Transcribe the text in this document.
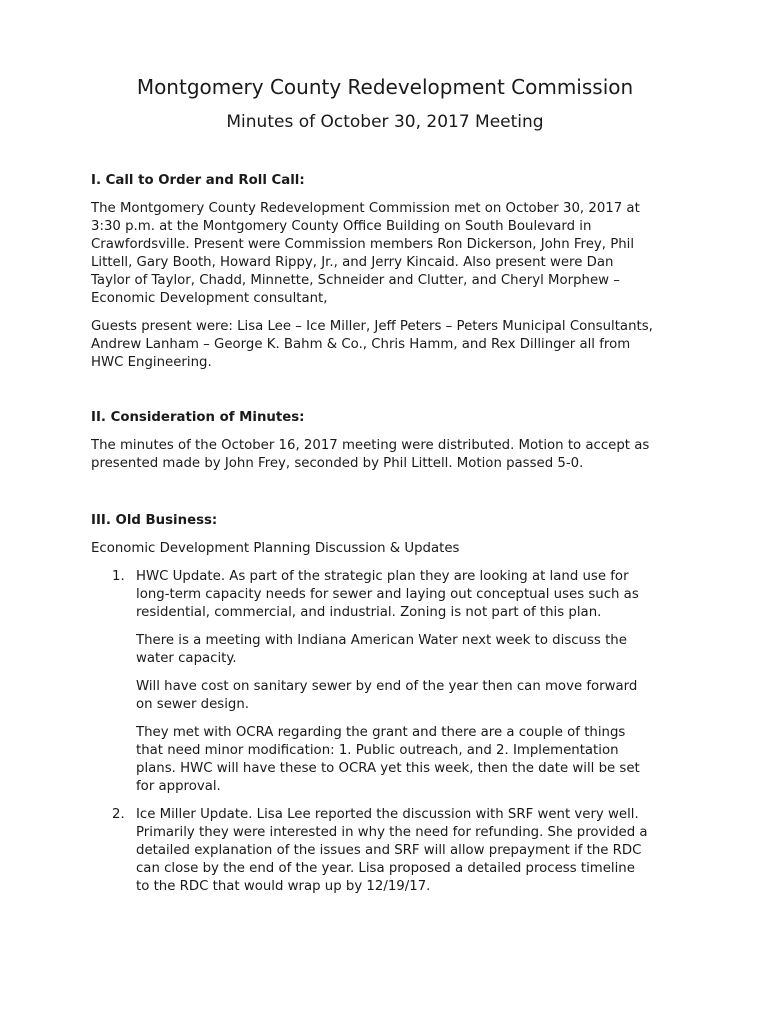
Montgomery County Redevelopment Commission
Minutes of October 30, 2017 Meeting
I. Call to Order and Roll Call:
The Montgomery County Redevelopment Commission met on October 30, 2017 at
3:30 p.m. at the Montgomery County Office Building on South Boulevard in
Crawfordsville. Present were Commission members Ron Dickerson, John Frey, Phil
Littell, Gary Booth, Howard Rippy, Jr., and Jerry Kincaid. Also present were Dan
Taylor of Taylor, Chadd, Minnette, Schneider and Clutter, and Cheryl Morphew –
Economic Development consultant,
Guests present were: Lisa Lee – Ice Miller, Jeff Peters – Peters Municipal Consultants,
Andrew Lanham – George K. Bahm & Co., Chris Hamm, and Rex Dillinger all from
HWC Engineering.
II. Consideration of Minutes:
The minutes of the October 16, 2017 meeting were distributed. Motion to accept as
presented made by John Frey, seconded by Phil Littell. Motion passed 5-0.
III. Old Business:
Economic Development Planning Discussion & Updates
1. HWC Update. As part of the strategic plan they are looking at land use for
long-term capacity needs for sewer and laying out conceptual uses such as
residential, commercial, and industrial. Zoning is not part of this plan.
There is a meeting with Indiana American Water next week to discuss the
water capacity.
Will have cost on sanitary sewer by end of the year then can move forward
on sewer design.
They met with OCRA regarding the grant and there are a couple of things
that need minor modification: 1. Public outreach, and 2. Implementation
plans. HWC will have these to OCRA yet this week, then the date will be set
for approval.
2. Ice Miller Update. Lisa Lee reported the discussion with SRF went very well.
Primarily they were interested in why the need for refunding. She provided a
detailed explanation of the issues and SRF will allow prepayment if the RDC
can close by the end of the year. Lisa proposed a detailed process timeline
to the RDC that would wrap up by 12/19/17.
